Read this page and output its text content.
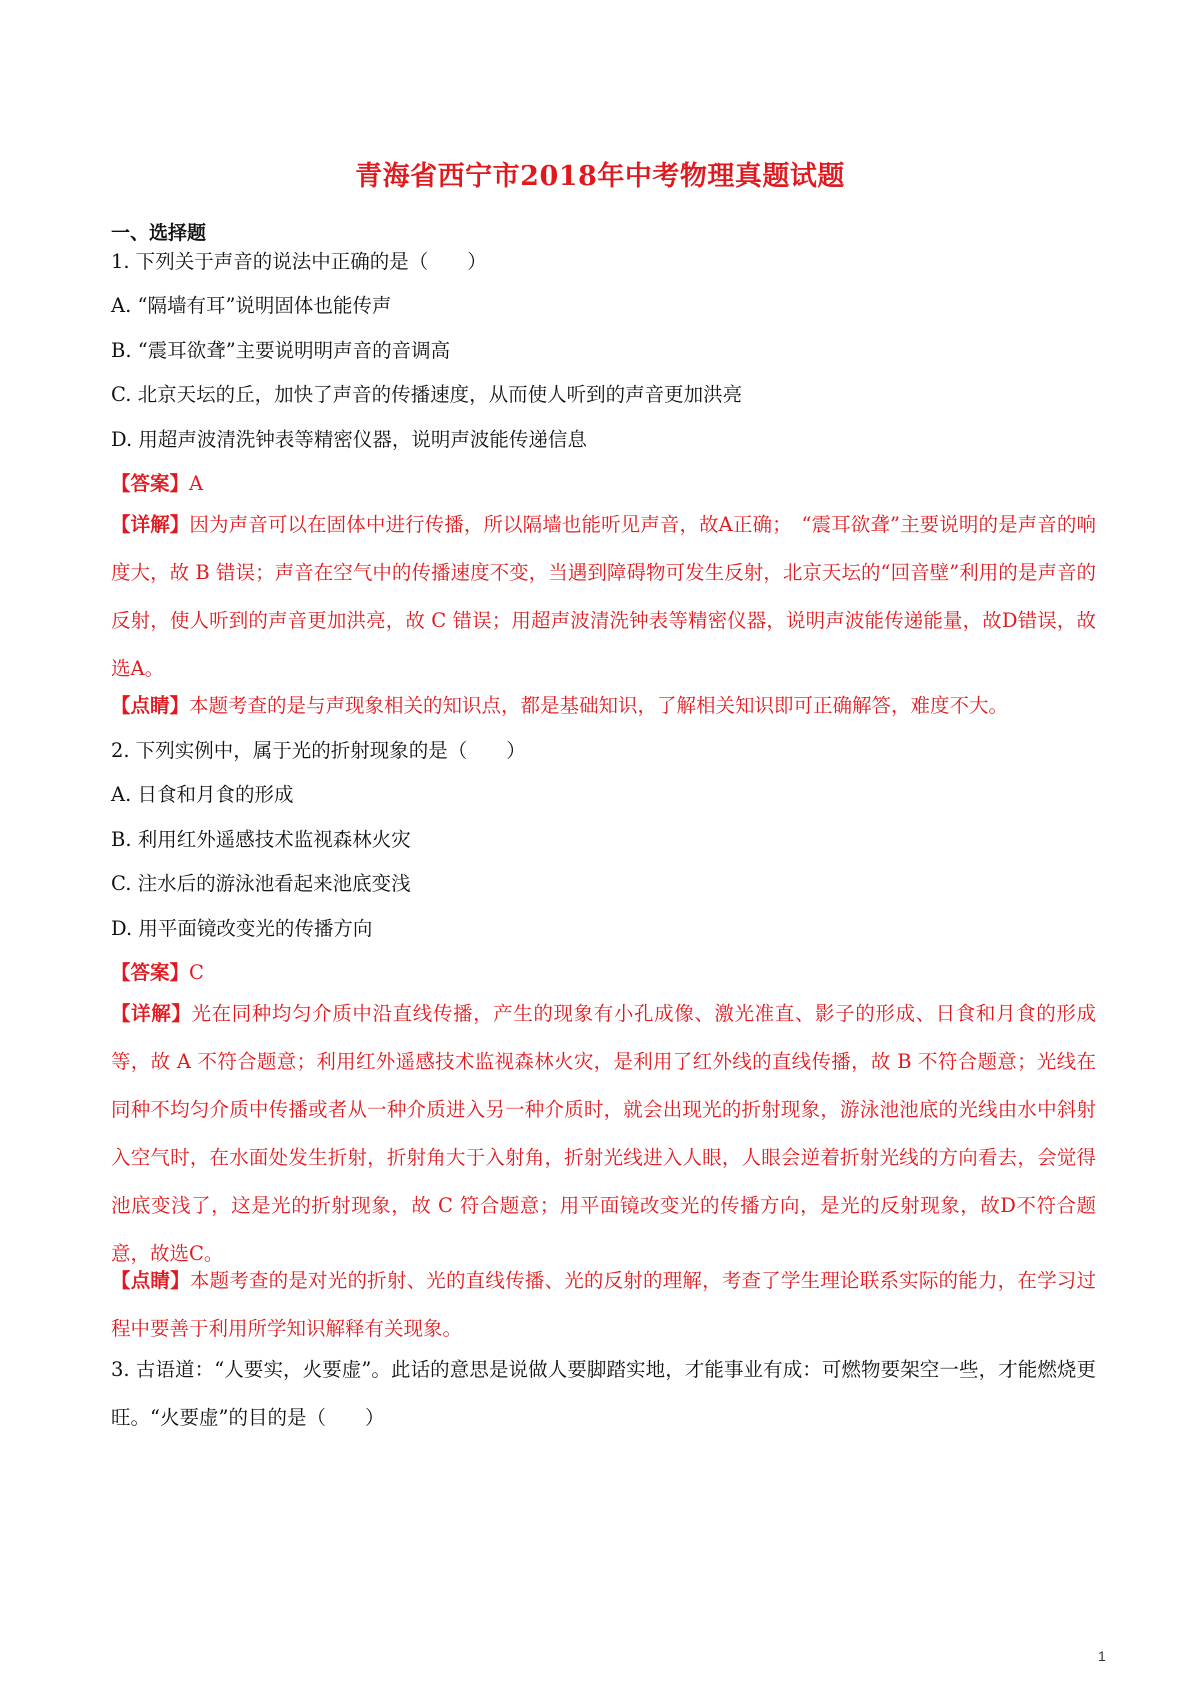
青海省西宁市2018年中考物理真题试题
一、选择题
1. 下列关于声音的说法中正确的是（　　）
A. “隔墙有耳”说明固体也能传声
B. “震耳欲聋”主要说明明声音的音调高
C. 北京天坛的丘，加快了声音的传播速度，从而使人听到的声音更加洪亮
D. 用超声波清洗钟表等精密仪器，说明声波能传递信息
【答案】A
【详解】因为声音可以在固体中进行传播，所以隔墙也能听见声音，故A正确；　“震耳欲聋”主要说明的是声音的响度大，故 B 错误；声音在空气中的传播速度不变，当遇到障碍物可发生反射，北京天坛的“回音壁”利用的是声音的反射，使人听到的声音更加洪亮，故 C 错误；用超声波清洗钟表等精密仪器，说明声波能传递能量，故D错误，故选A。
【点睛】本题考查的是与声现象相关的知识点，都是基础知识，了解相关知识即可正确解答，难度不大。
2. 下列实例中，属于光的折射现象的是（　　）
A. 日食和月食的形成
B. 利用红外遥感技术监视森林火灾
C. 注水后的游泳池看起来池底变浅
D. 用平面镜改变光的传播方向
【答案】C
【详解】光在同种均匀介质中沿直线传播，产生的现象有小孔成像、激光准直、影子的形成、日食和月食的形成等，故 A 不符合题意；利用红外遥感技术监视森林火灾，是利用了红外线的直线传播，故 B 不符合题意；光线在同种不均匀介质中传播或者从一种介质进入另一种介质时，就会出现光的折射现象，游泳池池底的光线由水中斜射入空气时，在水面处发生折射，折射角大于入射角，折射光线进入人眼，人眼会逆着折射光线的方向看去，会觉得池底变浅了，这是光的折射现象，故 C 符合题意；用平面镜改变光的传播方向，是光的反射现象，故D不符合题意，故选C。
【点睛】本题考查的是对光的折射、光的直线传播、光的反射的理解，考查了学生理论联系实际的能力，在学习过程中要善于利用所学知识解释有关现象。
3. 古语道：“人要实，火要虚”。此话的意思是说做人要脚踏实地，才能事业有成：可燃物要架空一些，才能燃烧更旺。“火要虚”的目的是（　　）
1
